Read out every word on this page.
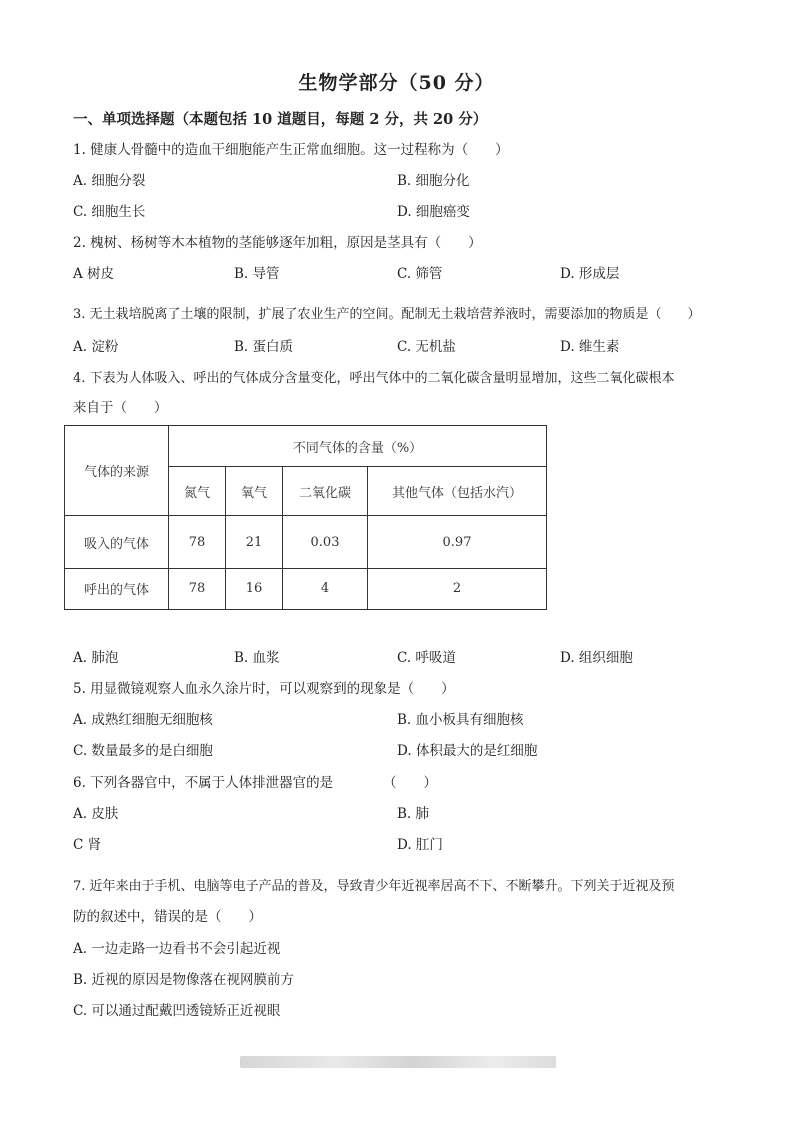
生物学部分（50 分）
一、单项选择题（本题包括 10 道题目，每题 2 分，共 20 分）
1. 健康人骨髓中的造血干细胞能产生正常血细胞。这一过程称为（　　）
A. 细胞分裂	B. 细胞分化
C. 细胞生长	D. 细胞癌变
2. 槐树、杨树等木本植物的茎能够逐年加粗，原因是茎具有（　　）
A 树皮	B. 导管	C. 筛管	D. 形成层
3. 无土栽培脱离了土壤的限制，扩展了农业生产的空间。配制无土栽培营养液时，需要添加的物质是（　　）
A. 淀粉	B. 蛋白质	C. 无机盐	D. 维生素
4. 下表为人体吸入、呼出的气体成分含量变化，呼出气体中的二氧化碳含量明显增加，这些二氧化碳根本
来自于（　　）
气体的来源	不同气体的含量（%）			
	氮气	氧气	二氧化碳	其他气体（包括水汽）
吸入的气体	78	21	0.03	0.97
呼出的气体	78	16	4	2
A. 肺泡	B. 血浆	C. 呼吸道	D. 组织细胞
5. 用显微镜观察人血永久涂片时，可以观察到的现象是（　　）
A. 成熟红细胞无细胞核	B. 血小板具有细胞核
C. 数量最多的是白细胞	D. 体积最大的是红细胞
6. 下列各器官中，不属于人体排泄器官的是	（　　）
A. 皮肤	B. 肺
C 肾	D. 肛门
7. 近年来由于手机、电脑等电子产品的普及，导致青少年近视率居高不下、不断攀升。下列关于近视及预
防的叙述中，错误的是（　　）
A. 一边走路一边看书不会引起近视
B. 近视的原因是物像落在视网膜前方
C. 可以通过配戴凹透镜矫正近视眼
